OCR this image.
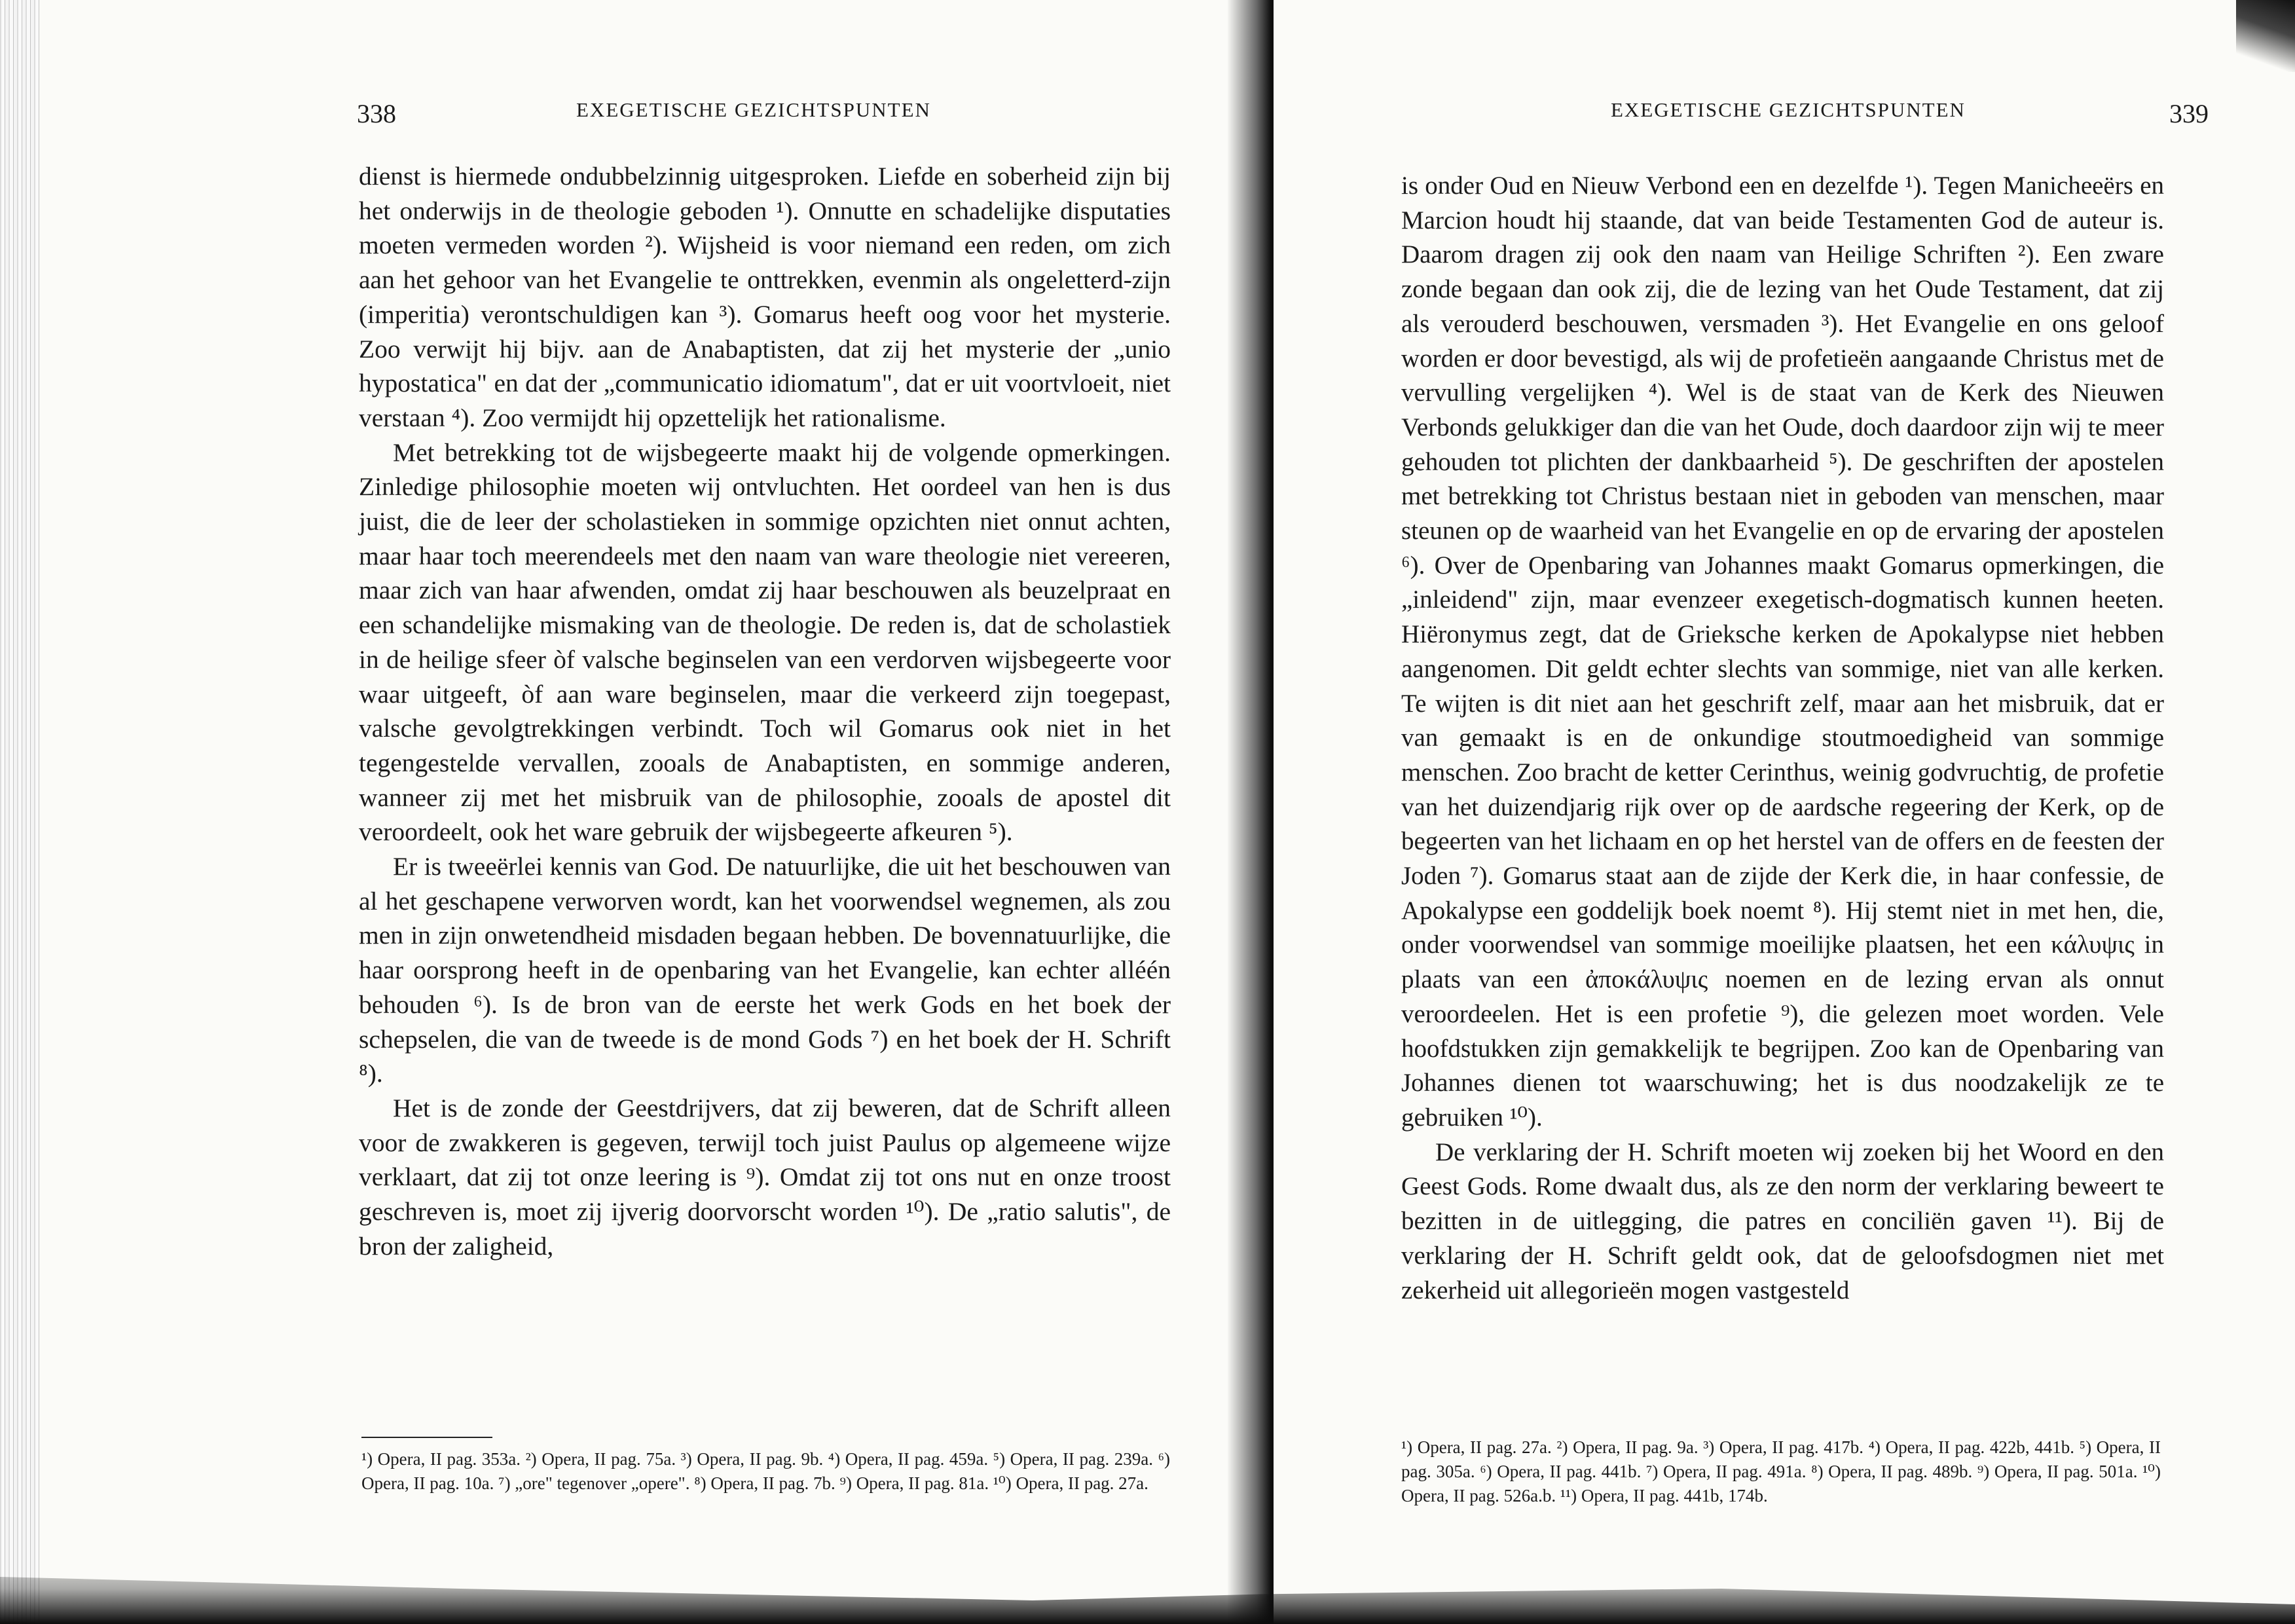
338	EXEGETISCHE GEZICHTSPUNTEN

dienst is hiermede ondubbelzinnig uitgesproken. Liefde en soberheid zijn bij het onderwijs in de theologie geboden ¹). Onnutte en schadelijke disputaties moeten vermeden worden ²). Wijsheid is voor niemand een reden, om zich aan het gehoor van het Evangelie te onttrekken, evenmin als ongeletterd-zijn (imperitia) verontschuldigen kan ³). Gomarus heeft oog voor het mysterie. Zoo verwijt hij bijv. aan de Anabaptisten, dat zij het mysterie der „unio hypostatica" en dat der „communicatio idiomatum", dat er uit voortvloeit, niet verstaan ⁴). Zoo vermijdt hij opzettelijk het rationalisme.

Met betrekking tot de wijsbegeerte maakt hij de volgende opmerkingen. Zinledige philosophie moeten wij ontvluchten. Het oordeel van hen is dus juist, die de leer der scholastieken in sommige opzichten niet onnut achten, maar haar toch meerendeels met den naam van ware theologie niet vereeren, maar zich van haar afwenden, omdat zij haar beschouwen als beuzelpraat en een schandelijke mismaking van de theologie. De reden is, dat de scholastiek in de heilige sfeer òf valsche beginselen van een verdorven wijsbegeerte voor waar uitgeeft, òf aan ware beginselen, maar die verkeerd zijn toegepast, valsche gevolgtrekkingen verbindt. Toch wil Gomarus ook niet in het tegengestelde vervallen, zooals de Anabaptisten, en sommige anderen, wanneer zij met het misbruik van de philosophie, zooals de apostel dit veroordeelt, ook het ware gebruik der wijsbegeerte afkeuren ⁵).

Er is tweeërlei kennis van God. De natuurlijke, die uit het beschouwen van al het geschapene verworven wordt, kan het voorwendsel wegnemen, als zou men in zijn onwetendheid misdaden begaan hebben. De bovennatuurlijke, die haar oorsprong heeft in de openbaring van het Evangelie, kan echter alléén behouden ⁶). Is de bron van de eerste het werk Gods en het boek der schepselen, die van de tweede is de mond Gods ⁷) en het boek der H. Schrift ⁸).

Het is de zonde der Geestdrijvers, dat zij beweren, dat de Schrift alleen voor de zwakkeren is gegeven, terwijl toch juist Paulus op algemeene wijze verklaart, dat zij tot onze leering is ⁹). Omdat zij tot ons nut en onze troost geschreven is, moet zij ijverig doorvorscht worden ¹⁰). De „ratio salutis", de bron der zaligheid,

¹) Opera, II pag. 353a. ²) Opera, II pag. 75a. ³) Opera, II pag. 9b. ⁴) Opera, II pag. 459a. ⁵) Opera, II pag. 239a. ⁶) Opera, II pag. 10a. ⁷) „ore" tegenover „opere". ⁸) Opera, II pag. 7b. ⁹) Opera, II pag. 81a. ¹⁰) Opera, II pag. 27a.
EXEGETISCHE GEZICHTSPUNTEN	339

is onder Oud en Nieuw Verbond een en dezelfde ¹). Tegen Manicheeërs en Marcion houdt hij staande, dat van beide Testamenten God de auteur is. Daarom dragen zij ook den naam van Heilige Schriften ²). Een zware zonde begaan dan ook zij, die de lezing van het Oude Testament, dat zij als verouderd beschouwen, versmaden ³). Het Evangelie en ons geloof worden er door bevestigd, als wij de profetieën aangaande Christus met de vervulling vergelijken ⁴). Wel is de staat van de Kerk des Nieuwen Verbonds gelukkiger dan die van het Oude, doch daardoor zijn wij te meer gehouden tot plichten der dankbaarheid ⁵). De geschriften der apostelen met betrekking tot Christus bestaan niet in geboden van menschen, maar steunen op de waarheid van het Evangelie en op de ervaring der apostelen ⁶). Over de Openbaring van Johannes maakt Gomarus opmerkingen, die „inleidend" zijn, maar evenzeer exegetisch-dogmatisch kunnen heeten. Hiëronymus zegt, dat de Grieksche kerken de Apokalypse niet hebben aangenomen. Dit geldt echter slechts van sommige, niet van alle kerken. Te wijten is dit niet aan het geschrift zelf, maar aan het misbruik, dat er van gemaakt is en de onkundige stoutmoedigheid van sommige menschen. Zoo bracht de ketter Cerinthus, weinig godvruchtig, de profetie van het duizendjarig rijk over op de aardsche regeering der Kerk, op de begeerten van het lichaam en op het herstel van de offers en de feesten der Joden ⁷). Gomarus staat aan de zijde der Kerk die, in haar confessie, de Apokalypse een goddelijk boek noemt ⁸). Hij stemt niet in met hen, die, onder voorwendsel van sommige moeilijke plaatsen, het een κάλυψις in plaats van een ἀποκάλυψις noemen en de lezing ervan als onnut veroordeelen. Het is een profetie ⁹), die gelezen moet worden. Vele hoofdstukken zijn gemakkelijk te begrijpen. Zoo kan de Openbaring van Johannes dienen tot waarschuwing; het is dus noodzakelijk ze te gebruiken ¹⁰).

De verklaring der H. Schrift moeten wij zoeken bij het Woord en den Geest Gods. Rome dwaalt dus, als ze den norm der verklaring beweert te bezitten in de uitlegging, die patres en conciliën gaven ¹¹). Bij de verklaring der H. Schrift geldt ook, dat de geloofsdogmen niet met zekerheid uit allegorieën mogen vastgesteld

¹) Opera, II pag. 27a. ²) Opera, II pag. 9a. ³) Opera, II pag. 417b. ⁴) Opera, II pag. 422b, 441b. ⁵) Opera, II pag. 305a. ⁶) Opera, II pag. 441b. ⁷) Opera, II pag. 491a. ⁸) Opera, II pag. 489b. ⁹) Opera, II pag. 501a. ¹⁰) Opera, II pag. 526a.b. ¹¹) Opera, II pag. 441b, 174b.
